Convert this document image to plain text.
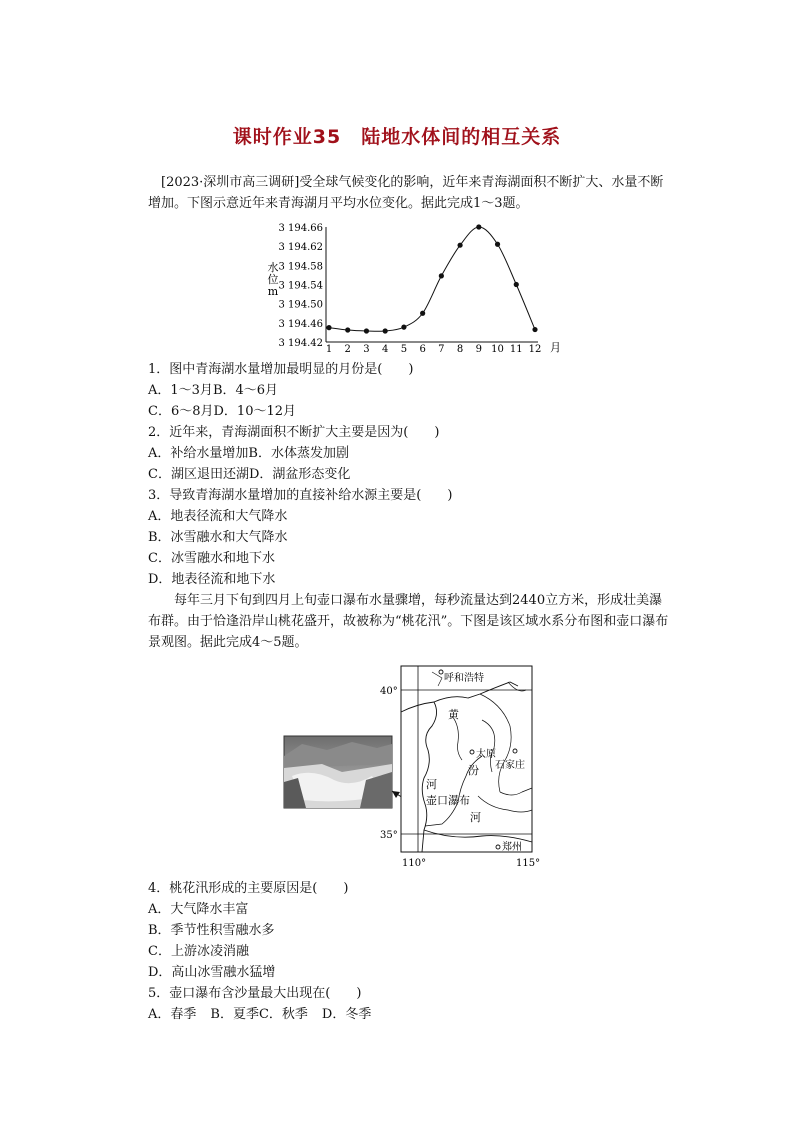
课时作业35　陆地水体间的相互关系
　[2023·深圳市高三调研]受全球气候变化的影响，近年来青海湖面积不断扩大、水量不断增加。下图示意近年来青海湖月平均水位变化。据此完成1～3题。
3 194.66
3 194.62
3 194.58
3 194.54
3 194.50
3 194.46
3 194.42
1 2 3 4 5 6 7 8 9 10 11 12
水位 m
月
1．图中青海湖水量增加最明显的月份是(　　)
A．1～3月B．4～6月
C．6～8月D．10～12月
2．近年来，青海湖面积不断扩大主要是因为(　　)
A．补给水量增加B．水体蒸发加剧
C．湖区退田还湖D．湖盆形态变化
3．导致青海湖水量增加的直接补给水源主要是(　　)
A．地表径流和大气降水
B．冰雪融水和大气降水
C．冰雪融水和地下水
D．地表径流和地下水
　　每年三月下旬到四月上旬壶口瀑布水量骤增，每秒流量达到2440立方米，形成壮美瀑布群。由于恰逢沿岸山桃花盛开，故被称为“桃花汛”。下图是该区域水系分布图和壶口瀑布景观图。据此完成4～5题。
呼和浩特
太原
石家庄
郑州
黄
河
汾
河
壶口瀑布
40°
35°
110°	115°
4．桃花汛形成的主要原因是(　　)
A．大气降水丰富
B．季节性积雪融水多
C．上游冰凌消融
D．高山冰雪融水猛增
5．壶口瀑布含沙量最大出现在(　　)
A．春季 B．夏季C．秋季 D．冬季
